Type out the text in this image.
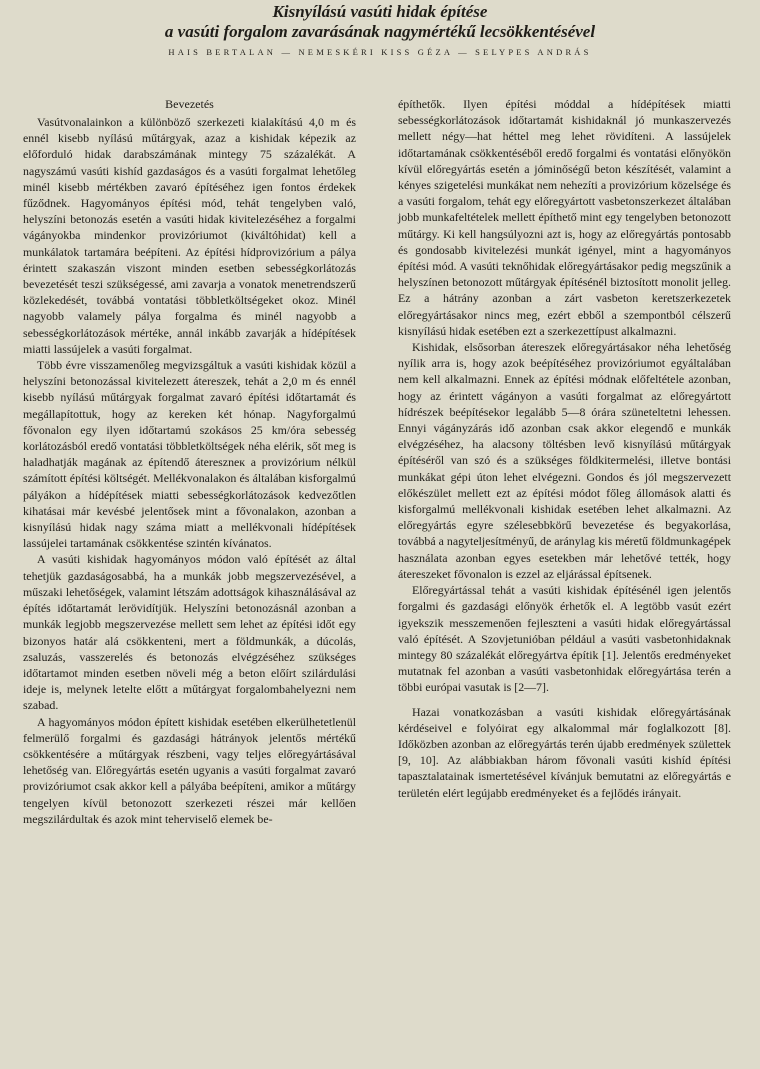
Kisnyílású vasúti hidak építése
a vasúti forgalom zavarásának nagymértékű lecsökkentésével
HAIS BERTALAN — NEMESKÉRI KISS GÉZA — SELYPES ANDRÁS
Bevezetés

Vasútvonalainkon a különböző szerkezeti kialakítású 4,0 m és ennél kisebb nyílású műtárgyak, azaz a kishidak képezik az előforduló hidak darabszámának mintegy 75 százalékát. A nagyszámú vasúti kishíd gazdaságos és a vasúti forgalmat lehetőleg minél kisebb mértékben zavaró építéséhez igen fontos érdekek fűződnek. Hagyományos építési mód, tehát tengelyben való, helyszíni betonozás esetén a vasúti hidak kivitelezéséhez a forgalmi vágányokba mindenkor provizóriumot (kiváltóhidat) kell a munkálatok tartamára beépíteni. Az építési hídprovizórium a pálya érintett szakaszán viszont minden esetben sebességkorlátozás bevezetését teszi szükségessé, ami zavarja a vonatok menetrendszerű közlekedését, továbbá vontatási többletköltségeket okoz. Minél nagyobb valamely pálya forgalma és minél nagyobb a sebességkorlátozások mértéke, annál inkább zavarják a hídépítések miatti lassújelek a vasúti forgalmat.

Több évre visszamenőleg megvizsgáltuk a vasúti kishidak közül a helyszíni betonozással kivitelezett átereszek, tehát a 2,0 m és ennél kisebb nyílású műtárgyak forgalmat zavaró építési időtartamát és megállapítottuk, hogy az kereken két hónap. Nagyforgalmú fővonalon egy ilyen időtartamú szokásos 25 km/óra sebesség korlátozásból eredő vontatási többletköltségek néha elérik, sőt meg is haladhatják magának az építendő átereszneк a provizórium nélkül számított építési költségét. Mellékvonalakon és általában kisforgalmú pályákon a hídépítések miatti sebességkorlátozások kedvezőtlen kihatásai már kevésbé jelentősek mint a fővonalakon, azonban a kisnyílású hidak nagy száma miatt a mellékvonali hídépítések lassújelei tartamának csökkentése szintén kívánatos.

A vasúti kishidak hagyományos módon való építését az által tehetjük gazdaságosabbá, ha a munkák jobb megszervezésével, a műszaki lehetőségek, valamint létszám adottságok kihasználásával az építés időtartamát lerövidítjük. Helyszíni betonozásnál azonban a munkák legjobb megszervezése mellett sem lehet az építési időt egy bizonyos határ alá csökkenteni, mert a földmunkák, a dúcolás, zsaluzás, vasszerelés és betonozás elvégzéséhez szükséges időtartamot minden esetben növeli még a beton előírt szilárdulási ideje is, melynek letelte előtt a műtárgyat forgalombahelyezni nem szabad.

A hagyományos módon épített kishidak esetében elkerülhetetlenül felmerülő forgalmi és gazdasági hátrányok jelentős mértékű csökkentésére a műtárgyak részbeni, vagy teljes előregyártásával lehetőség van. Előregyártás esetén ugyanis a vasúti forgalmat zavaró provizóriumot csak akkor kell a pályába beépíteni, amikor a műtárgy tengelyen kívül betonozott szerkezeti részei már kellően megszilárdultak és azok mint teherviselő elemek be-

építhetők. Ilyen építési móddal a hídépítések miatti sebességkorlátozások időtartamát kishidaknál jó munkaszervezés mellett négy—hat héttel meg lehet rövidíteni. A lassújelek időtartamának csökkentéséből eredő forgalmi és vontatási előnyökön kívül előregyártás esetén a jóminőségű beton készítését, valamint a kényes szigetelési munkákat nem nehezíti a provizórium közelsége és a vasúti forgalom, tehát egy előregyártott vasbetonszerkezet általában jobb munkafeltételek mellett építhető mint egy tengelyben betonozott műtárgy. Ki kell hangsúlyozni azt is, hogy az előregyártás pontosabb és gondosabb kivitelezési munkát igényel, mint a hagyományos építési mód. A vasúti teknőhidak előregyártásakor pedig megszűnik a helyszínen betonozott műtárgyak építésénél biztosított monolit jelleg. Ez a hátrány azonban a zárt vasbeton keretszerkezetek előregyártásakor nincs meg, ezért ebből a szempontból célszerű kisnyílású hidak esetében ezt a szerkezettípust alkalmazni.

Kishidak, elsősorban átereszek előregyártásakor néha lehetőség nyílik arra is, hogy azok beépítéséhez provizóriumot egyáltalában nem kell alkalmazni. Ennek az építési módnak előfeltétele azonban, hogy az érintett vágányon a vasúti forgalmat az előregyártott hídrészek beépítésekor legalább 5—8 órára szüneteltetni lehessen. Ennyi vágányzárás idő azonban csak akkor elegendő e munkák elvégzéséhez, ha alacsony töltésben levő kisnyílású műtárgyak építéséről van szó és a szükséges földkitermelési, illetve bontási munkákat gépi úton lehet elvégezni. Gondos és jól megszervezett előkészület mellett ezt az építési módot főleg állomások alatti és kisforgalmú mellékvonali kishidak esetében lehet alkalmazni. Az előregyártás egyre szélesebbkörű bevezetése és begyakorlása, továbbá a nagyteljesítményű, de aránylag kis méretű földmunkagépek használata azonban egyes esetekben már lehetővé tették, hogy átereszeket fővonalon is ezzel az eljárással építsenek.

Előregyártással tehát a vasúti kishidak építésénél igen jelentős forgalmi és gazdasági előnyök érhetők el. A legtöbb vasút ezért igyekszik messzemenően fejleszteni a vasúti hidak előregyártással való építését. A Szovjetunióban például a vasúti vasbetonhidaknak mintegy 80 százalékát előregyártva építik [1]. Jelentős eredményeket mutatnak fel azonban a vasúti vasbetonhidak előregyártása terén a többi európai vasutak is [2—7].

Hazai vonatkozásban a vasúti kishidak előregyártásának kérdéseivel e folyóirat egy alkalommal már foglalkozott [8]. Időközben azonban az előregyártás terén újabb eredmények születtek [9, 10]. Az alábbiakban három fővonali vasúti kishíd építési tapasztalatainak ismertetésével kívánjuk bemutatni az előregyártás e területén elért legújabb eredményeket és a fejlődés irányait.
